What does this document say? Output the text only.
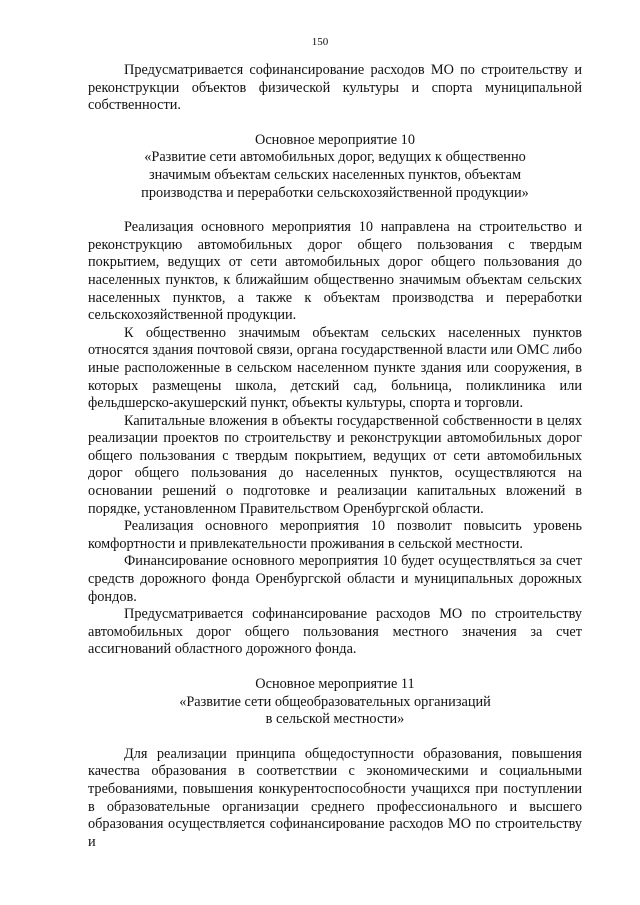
150

Предусматривается софинансирование расходов МО по строительству и реконструкции объектов физической культуры и спорта муниципальной собственности.

Основное мероприятие 10

«Развитие сети автомобильных дорог, ведущих к общественно

значимым объектам сельских населенных пунктов, объектам

производства и переработки сельскохозяйственной продукции»

Реализация основного мероприятия 10 направлена на строительство и реконструкцию автомобильных дорог общего пользования с твердым покрытием, ведущих от сети автомобильных дорог общего пользования до населенных пунктов, к ближайшим общественно значимым объектам сельских населенных пунктов, а также к объектам производства и переработки сельскохозяйственной продукции.

К общественно значимым объектам сельских населенных пунктов относятся здания почтовой связи, органа государственной власти или ОМС либо иные расположенные в сельском населенном пункте здания или сооружения, в которых размещены школа, детский сад, больница, поликлиника или фельдшерско-акушерский пункт, объекты культуры, спорта и торговли.

Капитальные вложения в объекты государственной собственности в целях реализации проектов по строительству и реконструкции автомобильных дорог общего пользования с твердым покрытием, ведущих от сети автомобильных дорог общего пользования до населенных пунктов, осуществляются на основании решений о подготовке и реализации капитальных вложений в порядке, установленном Правительством Оренбургской области.

Реализация основного мероприятия 10 позволит повысить уровень комфортности и привлекательности проживания в сельской местности.

Финансирование основного мероприятия 10 будет осуществляться за счет средств дорожного фонда Оренбургской области и муниципальных дорожных фондов.

Предусматривается софинансирование расходов МО по строительству автомобильных дорог общего пользования местного значения за счет ассигнований областного дорожного фонда.

Основное мероприятие 11

«Развитие сети общеобразовательных организаций

в сельской местности»

Для реализации принципа общедоступности образования, повышения качества образования в соответствии с экономическими и социальными требованиями, повышения конкурентоспособности учащихся при поступлении в образовательные организации среднего профессионального и высшего образования осуществляется софинансирование расходов МО по строительству и
